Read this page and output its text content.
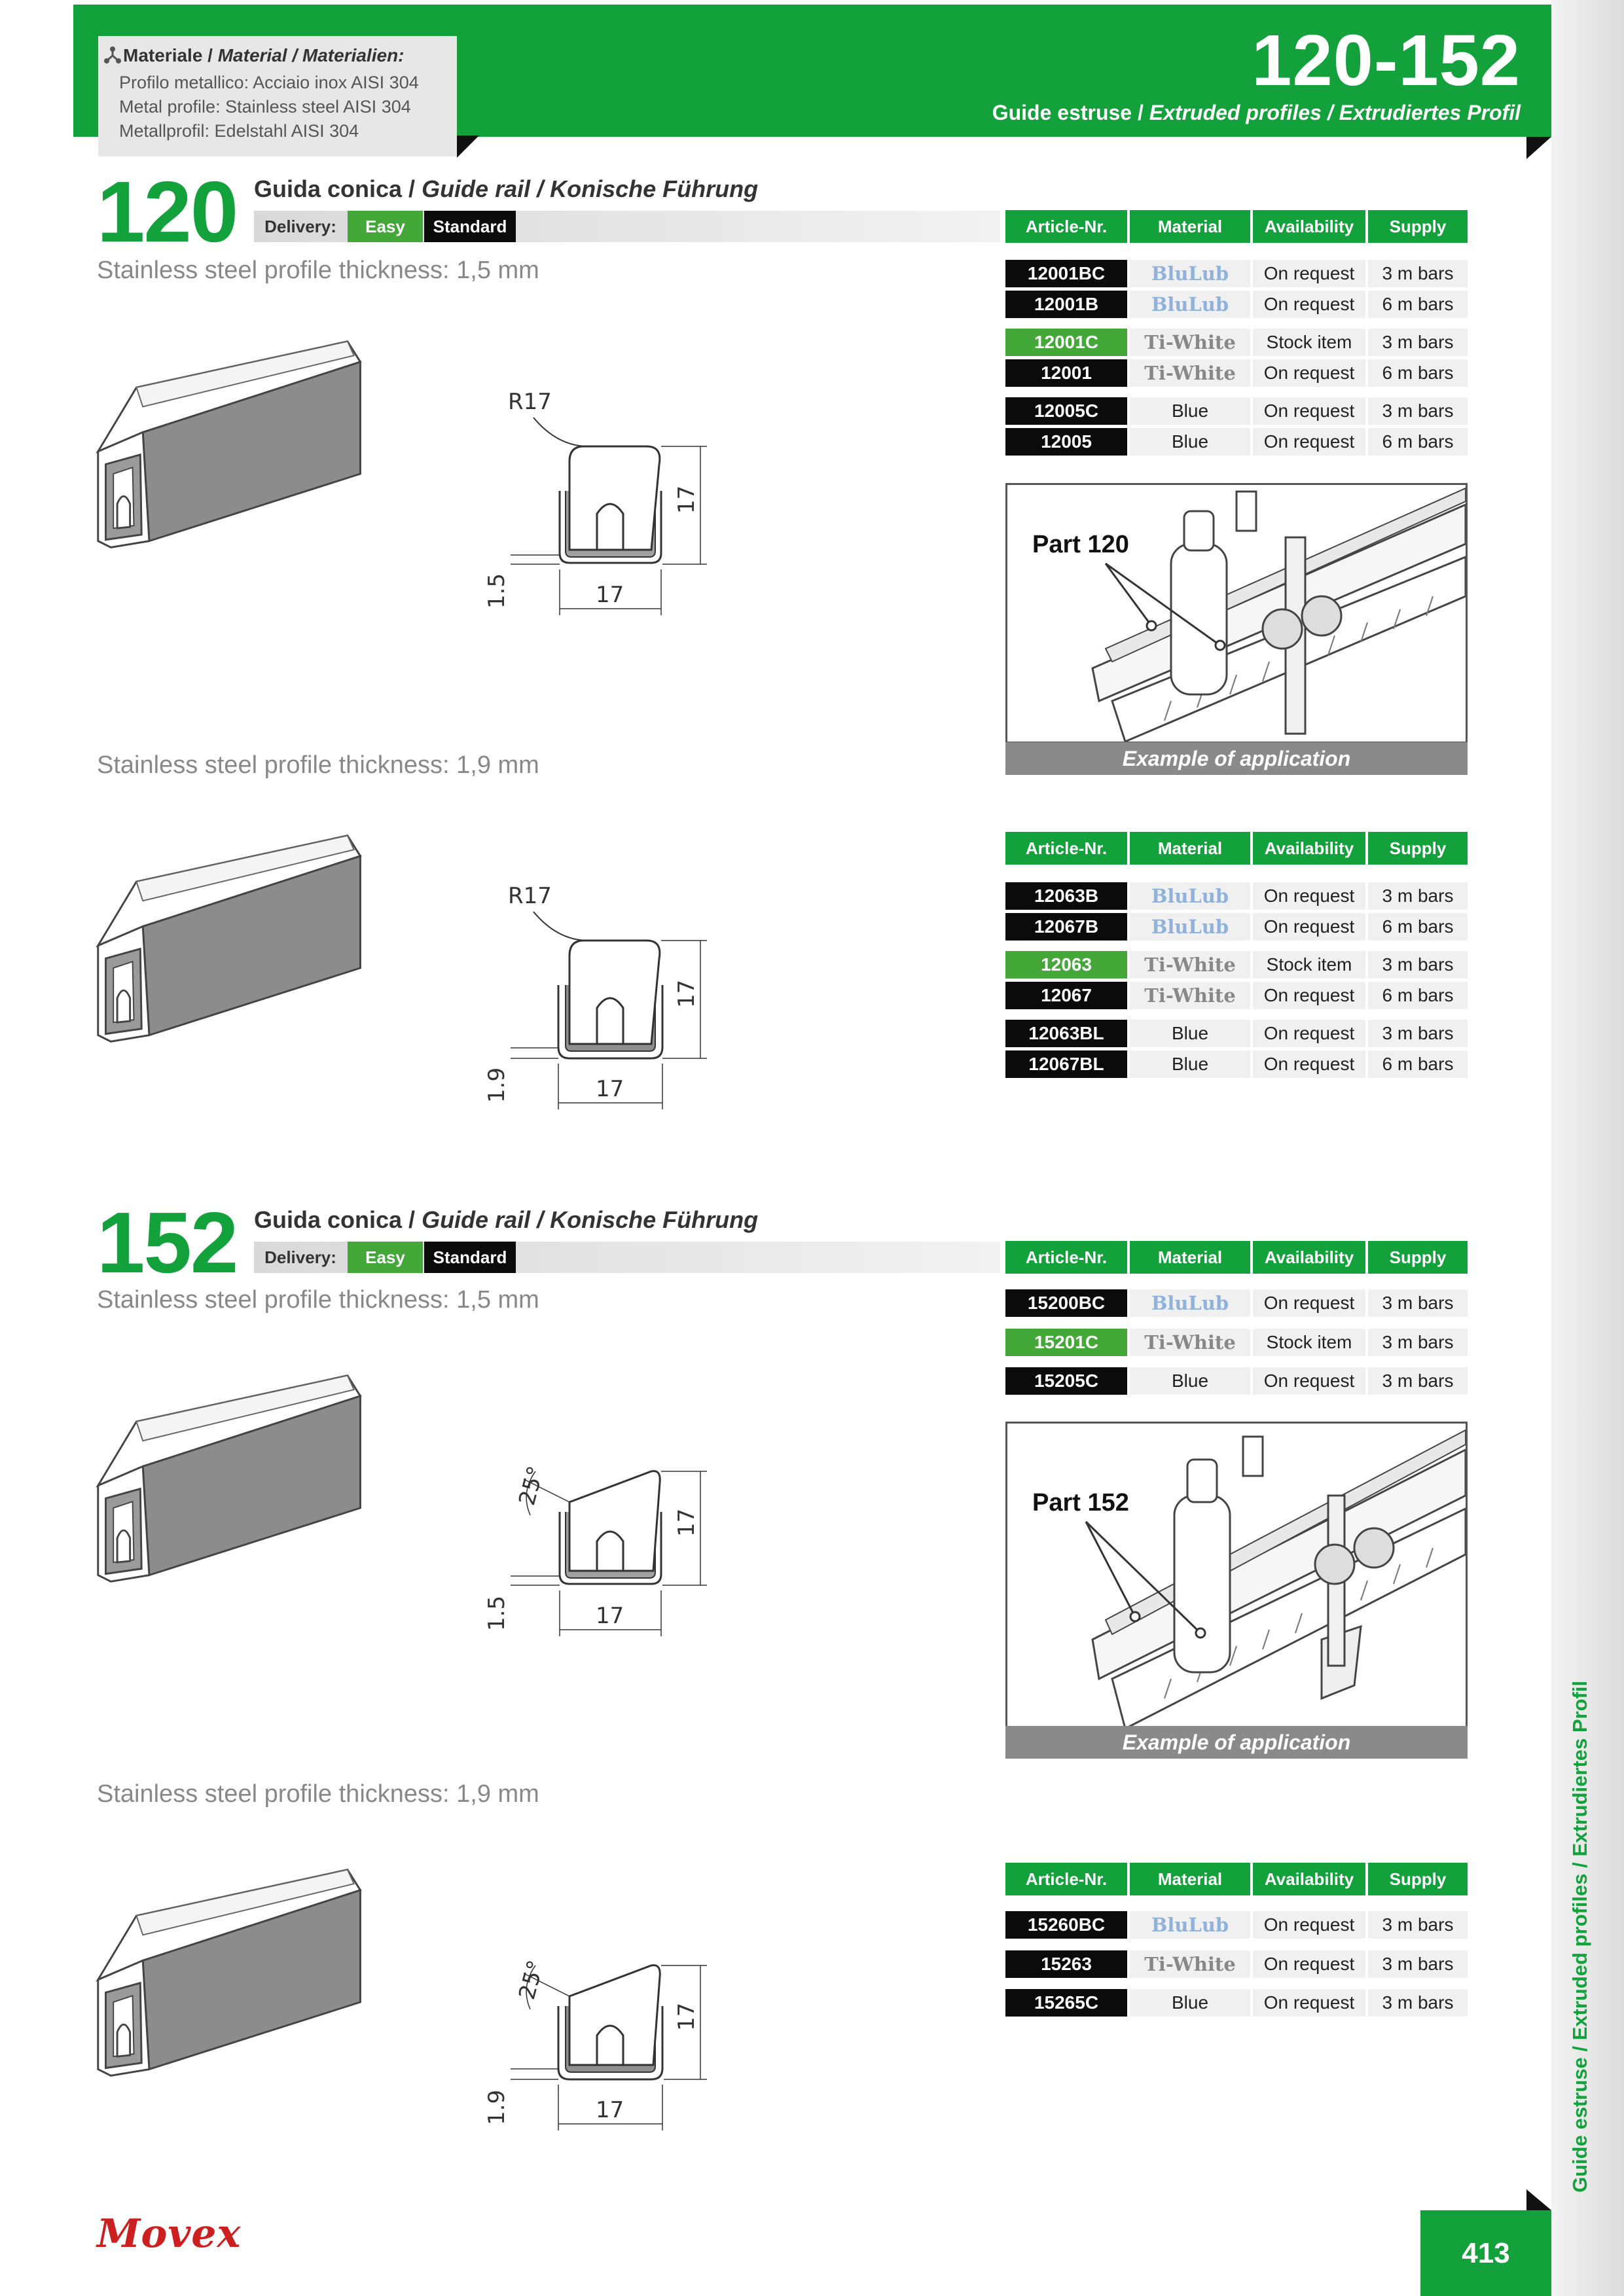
120-152
Guide estruse / Extruded profiles / Extrudiertes Profil
Materiale / Material / Materialien:
Profilo metallico: Acciaio inox AISI 304
Metal profile: Stainless steel AISI 304
Metallprofil: Edelstahl AISI 304
Guide estruse / Extruded profiles / Extrudiertes Profil
413
Movex
120 Guida conica / Guide rail / Konische Führung
Delivery:	Easy	Standard
Stainless steel profile thickness: 1,5 mm
R17
17
17
1.5
Article-Nr.	Material	Availability	Supply
12001BC	BluLub	On request	3 m bars
12001B	BluLub	On request	6 m bars
12001C	Ti-White	Stock item	3 m bars
12001	Ti-White	On request	6 m bars
12005C	Blue	On request	3 m bars
12005	Blue	On request	6 m bars
Part 120
Example of application
Stainless steel profile thickness: 1,9 mm
R17
17
17
1.9
Article-Nr.	Material	Availability	Supply
12063B	BluLub	On request	3 m bars
12067B	BluLub	On request	6 m bars
12063	Ti-White	Stock item	3 m bars
12067	Ti-White	On request	6 m bars
12063BL	Blue	On request	3 m bars
12067BL	Blue	On request	6 m bars
152 Guida conica / Guide rail / Konische Führung
Delivery:	Easy	Standard
Stainless steel profile thickness: 1,5 mm
25°
17
17
1.5
Article-Nr.	Material	Availability	Supply
15200BC	BluLub	On request	3 m bars
15201C	Ti-White	Stock item	3 m bars
15205C	Blue	On request	3 m bars
Part 152
Example of application
Stainless steel profile thickness: 1,9 mm
25°
17
17
1.9
Article-Nr.	Material	Availability	Supply
15260BC	BluLub	On request	3 m bars
15263	Ti-White	On request	3 m bars
15265C	Blue	On request	3 m bars
